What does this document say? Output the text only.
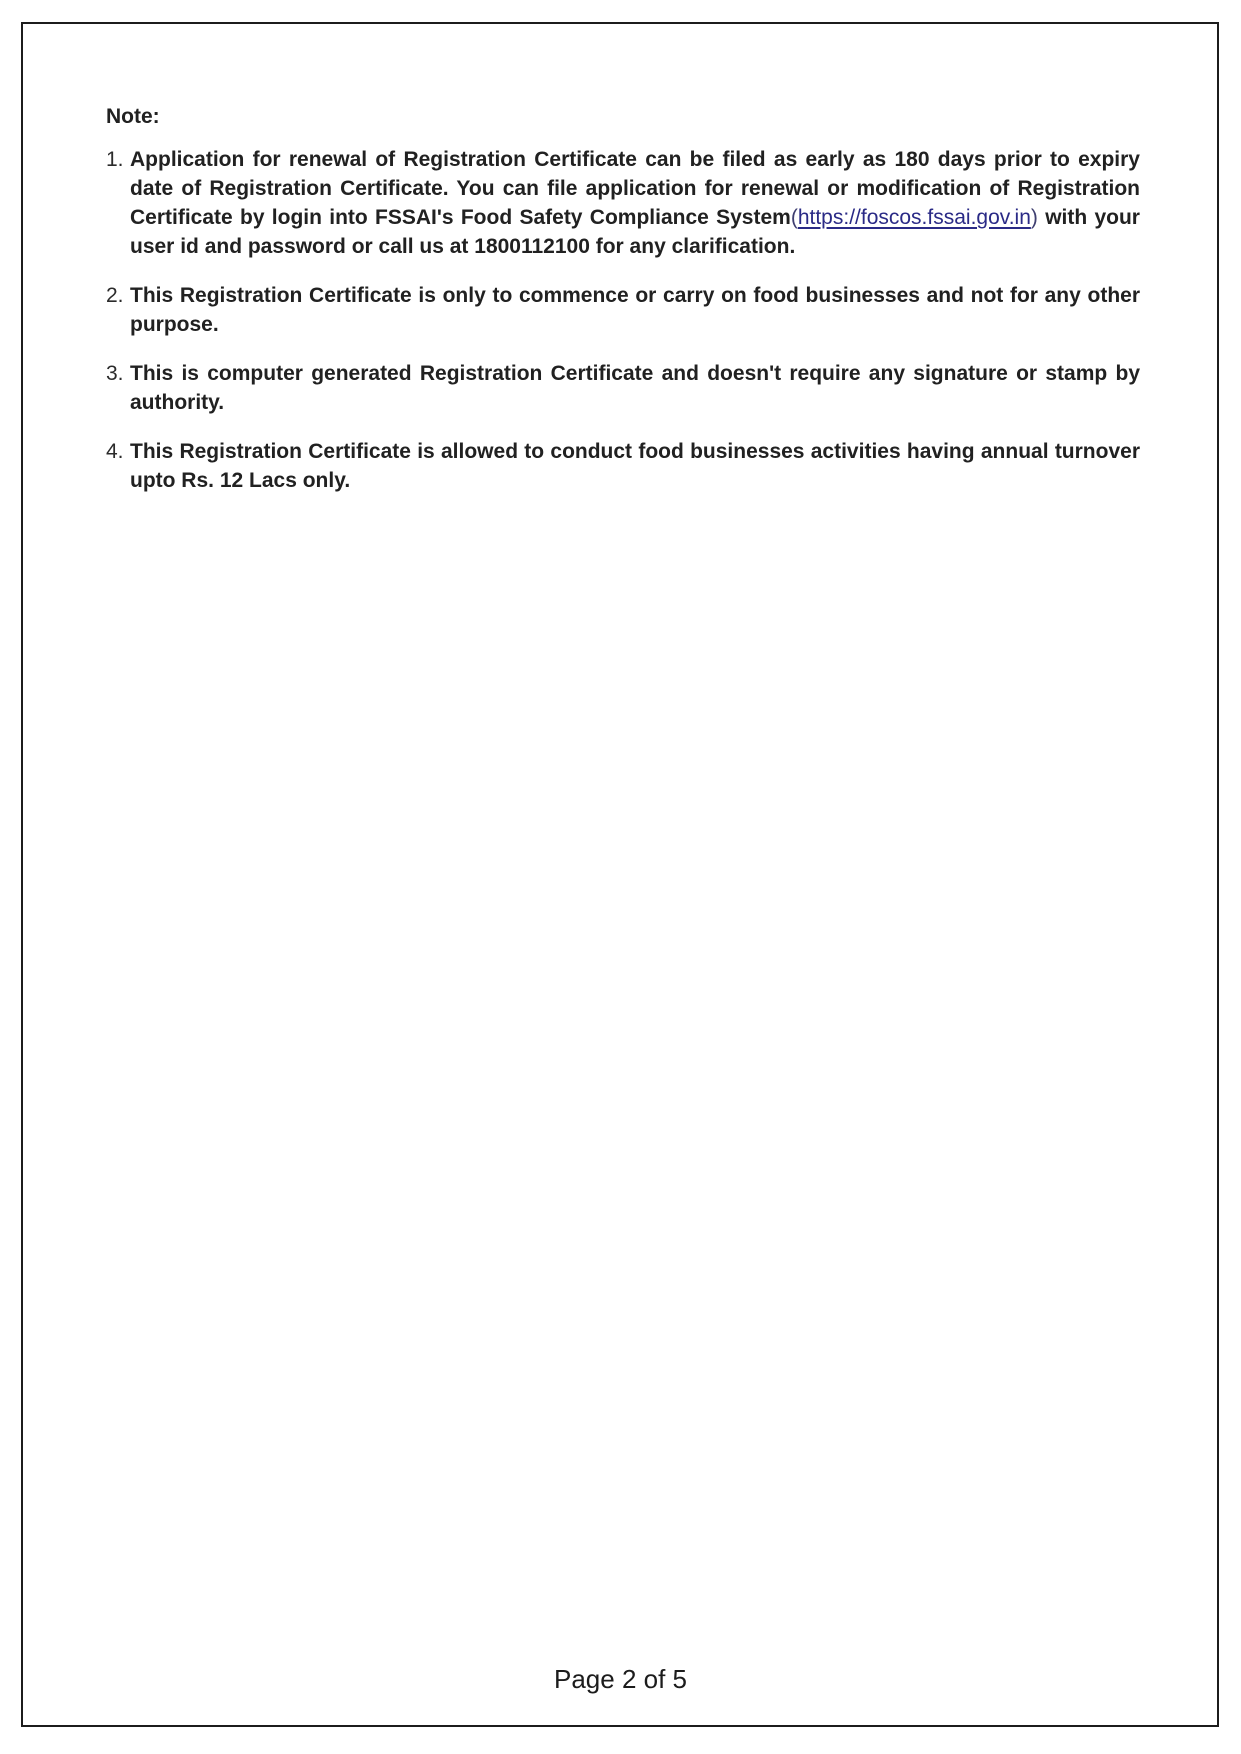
Note:
1. Application for renewal of Registration Certificate can be filed as early as 180 days prior to expiry date of Registration Certificate. You can file application for renewal or modification of Registration Certificate by login into FSSAI's Food Safety Compliance System(https://foscos.fssai.gov.in) with your user id and password or call us at 1800112100 for any clarification.
2. This Registration Certificate is only to commence or carry on food businesses and not for any other purpose.
3. This is computer generated Registration Certificate and doesn't require any signature or stamp by authority.
4. This Registration Certificate is allowed to conduct food businesses activities having annual turnover upto Rs. 12 Lacs only.
Page 2 of 5
